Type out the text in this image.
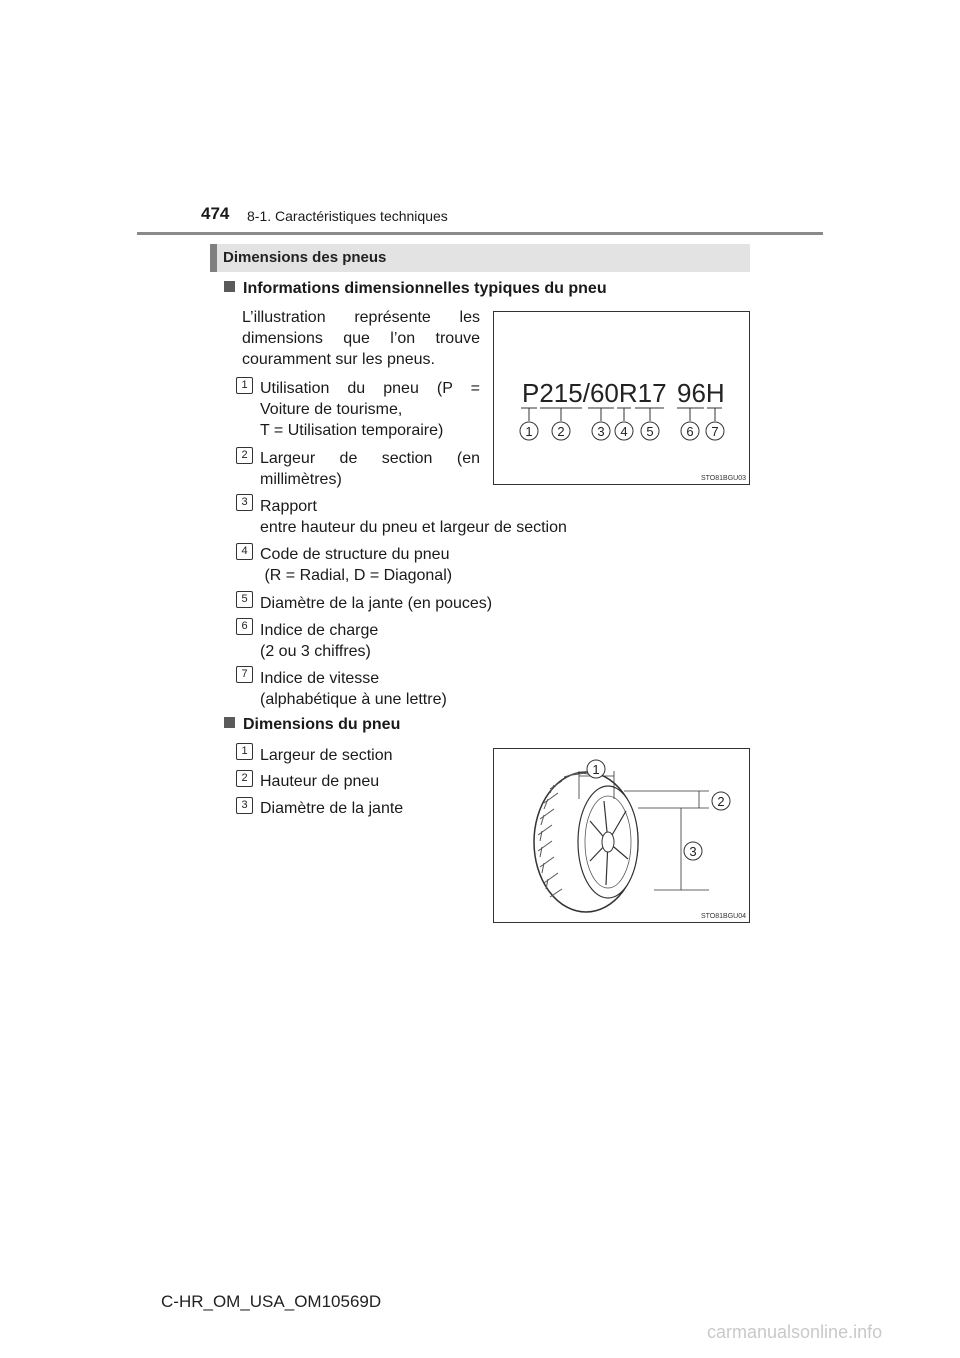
474 8-1. Caractéristiques techniques
Dimensions des pneus
Informations dimensionnelles typiques du pneu
L’illustration représente les
dimensions que l’on trouve
couramment sur les pneus.
1 Utilisation du pneu (P =
Voiture de tourisme,
T = Utilisation temporaire)
2 Largeur de section (en
millimètres)
3 Rapport
entre hauteur du pneu et largeur de section
4 Code de structure du pneu
(R = Radial, D = Diagonal)
5 Diamètre de la jante (en pouces)
6 Indice de charge
(2 ou 3 chiffres)
7 Indice de vitesse
(alphabétique à une lettre)
P215/60R17 96H
1 2	3 4 5	6 7
STO81BGU03
Dimensions du pneu
1 Largeur de section
2 Hauteur de pneu
3 Diamètre de la jante
1
2
3
STO81BGU04
C-HR_OM_USA_OM10569D
carmanualsonline.info
